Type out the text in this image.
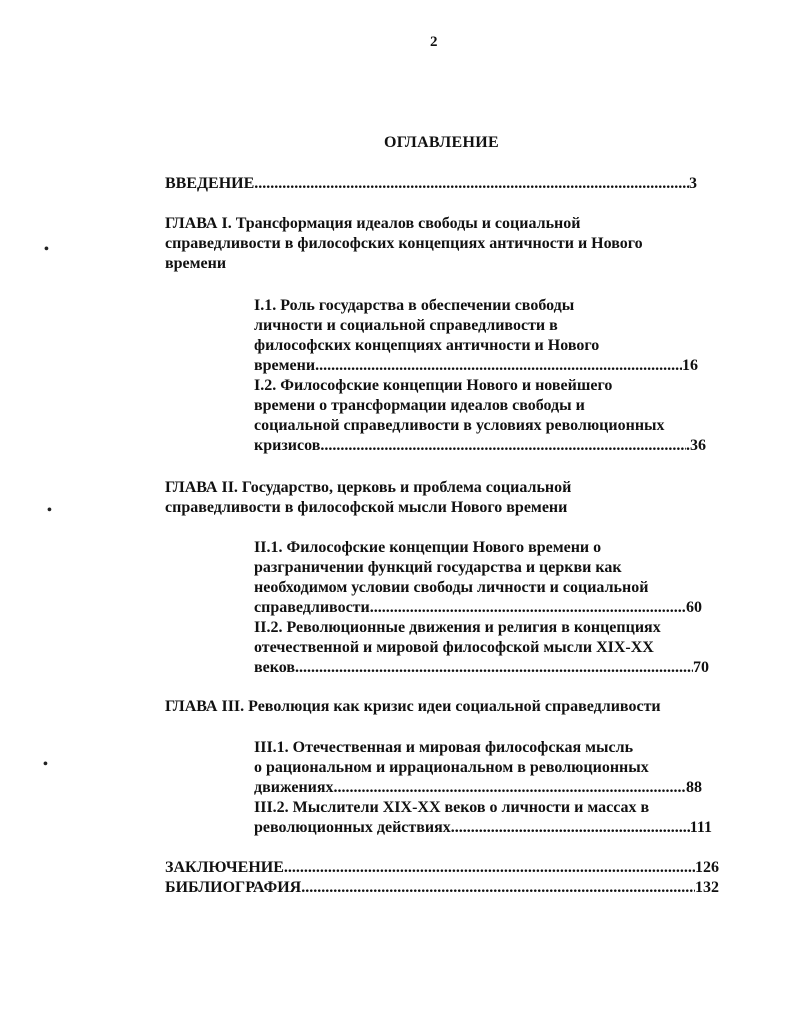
2
ОГЛАВЛЕНИЕ
ВВЕДЕНИЕ .....	3
ГЛАВА I. Трансформация идеалов свободы и социальной
справедливости в философских концепциях античности и Нового
времени
I.1. Роль государства в обеспечении свободы
личности и социальной справедливости в
философских концепциях античности и Нового
времени .....	16
I.2. Философские концепции Нового и новейшего
времени о трансформации идеалов свободы и
социальной справедливости в условиях революционных
кризисов .....	.36
ГЛАВА II. Государство, церковь и проблема социальной
справедливости в философской мысли Нового времени
II.1. Философские концепции Нового времени о
разграничении функций государства и церкви как
необходимом условии свободы личности и социальной
справедливости .....	60
II.2. Революционные движения и религия в концепциях
отечественной и мировой философской мысли XIX-XX
веков .....	70
ГЛАВА III. Революция как кризис идеи социальной справедливости
III.1. Отечественная и мировая философская мысль
о рациональном и иррациональном в революционных
движениях .....	88
III.2. Мыслители XIX-XX веков о личности и массах в
революционных действиях .....	111
ЗАКЛЮЧЕНИЕ .....	126
БИБЛИОГРАФИЯ .....	132
•
•
•
